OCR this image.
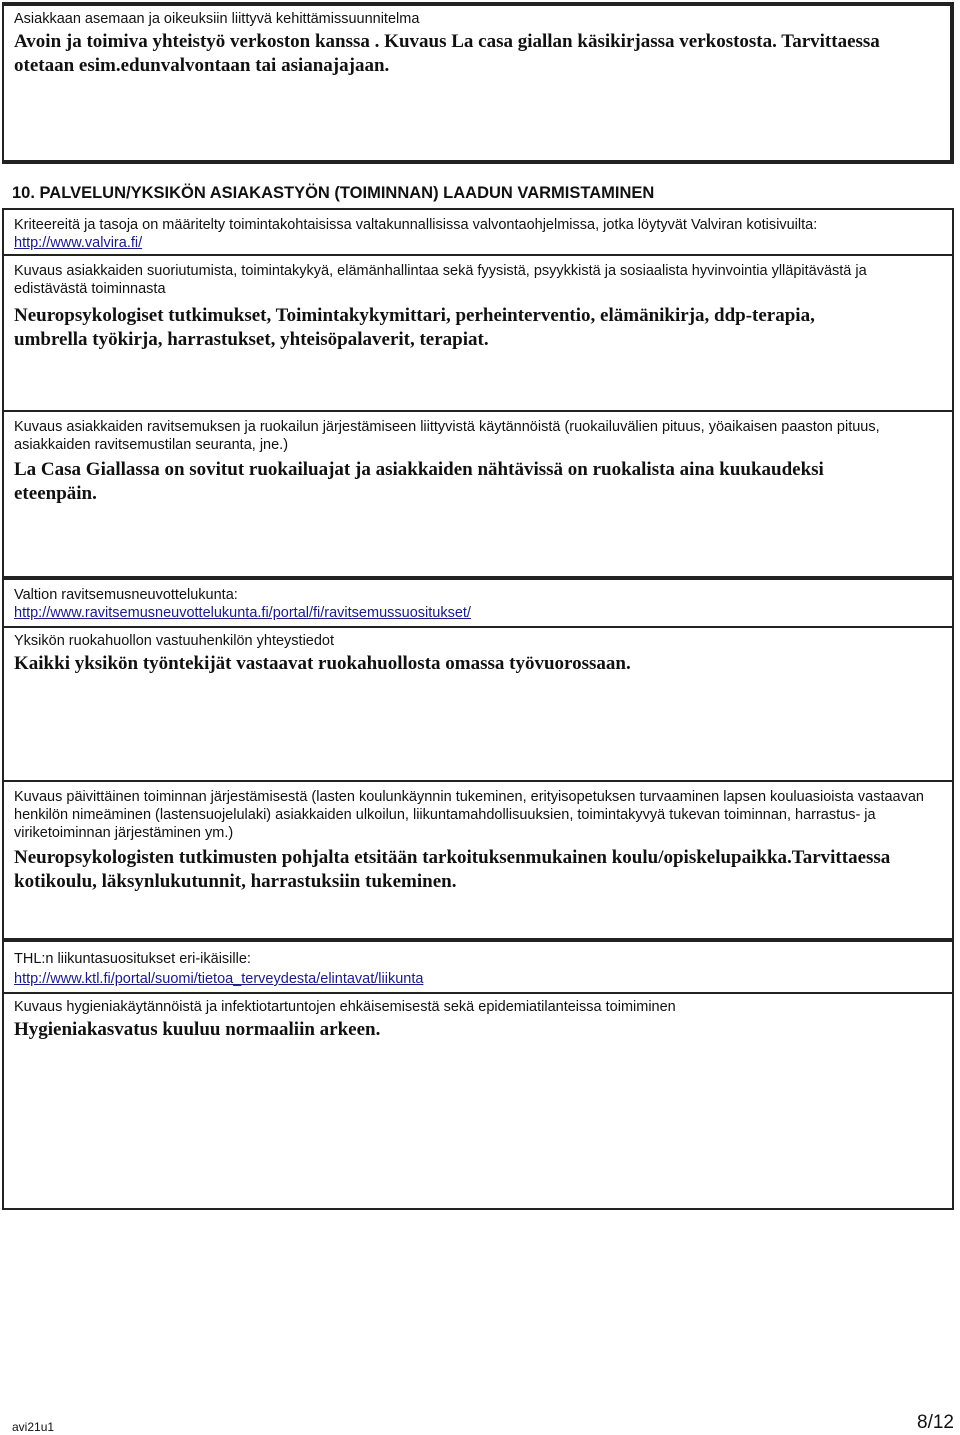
Asiakkaan asemaan ja oikeuksiin liittyvä kehittämissuunnitelma

Avoin ja toimiva yhteistyö verkoston kanssa . Kuvaus La casa giallan käsikirjassa verkostosta. Tarvittaessa otetaan esim.edunvalvontaan tai asianajajaan.

10. PALVELUN/YKSIKÖN ASIAKASTYÖN (TOIMINNAN) LAADUN VARMISTAMINEN

Kriteereitä ja tasoja on määritelty toimintakohtaisissa valtakunnallisissa valvontaohjelmissa, jotka löytyvät Valviran kotisivuilta: http://www.valvira.fi/

Kuvaus asiakkaiden suoriutumista, toimintakykyä, elämänhallintaa sekä fyysistä, psyykkistä ja sosiaalista hyvinvointia ylläpitävästä ja edistävästä toiminnasta

Neuropsykologiset tutkimukset, Toimintakykymittari, perheinterventio, elämänikirja, ddp-terapia, umbrella työkirja, harrastukset, yhteisöpalaverit, terapiat.

Kuvaus asiakkaiden ravitsemuksen ja ruokailun järjestämiseen liittyvistä käytännöistä (ruokailuvälien pituus, yöaikaisen paaston pituus, asiakkaiden ravitsemustilan seuranta, jne.)

La Casa Giallassa on sovitut ruokailuajat ja asiakkaiden nähtävissä on ruokalista aina kuukaudeksi eteenpäin.

Valtion ravitsemusneuvottelukunta:

http://www.ravitsemusneuvottelukunta.fi/portal/fi/ravitsemussuositukset/

Yksikön ruokahuollon vastuuhenkilön yhteystiedot

Kaikki yksikön työntekijät vastaavat ruokahuollosta omassa työvuorossaan.

Kuvaus päivittäinen toiminnan järjestämisestä (lasten koulunkäynnin tukeminen, erityisopetuksen turvaaminen lapsen kouluasioista vastaavan henkilön nimeäminen (lastensuojelulaki) asiakkaiden ulkoilun, liikuntamahdollisuuksien, toimintakyvyä tukevan toiminnan, harrastus- ja viriketoiminnan järjestäminen ym.)

Neuropsykologisten tutkimusten pohjalta etsitään tarkoituksenmukainen koulu/opiskelupaikka.Tarvittaessa kotikoulu, läksynlukutunnit, harrastuksiin tukeminen.

THL:n liikuntasuositukset eri-ikäisille:

http://www.ktl.fi/portal/suomi/tietoa_terveydesta/elintavat/liikunta

Kuvaus hygieniakäytännöistä ja infektiotartuntojen ehkäisemisestä sekä epidemiatilanteissa toimiminen

Hygieniakasvatus kuuluu normaaliin arkeen.

avi21u1	8/12
